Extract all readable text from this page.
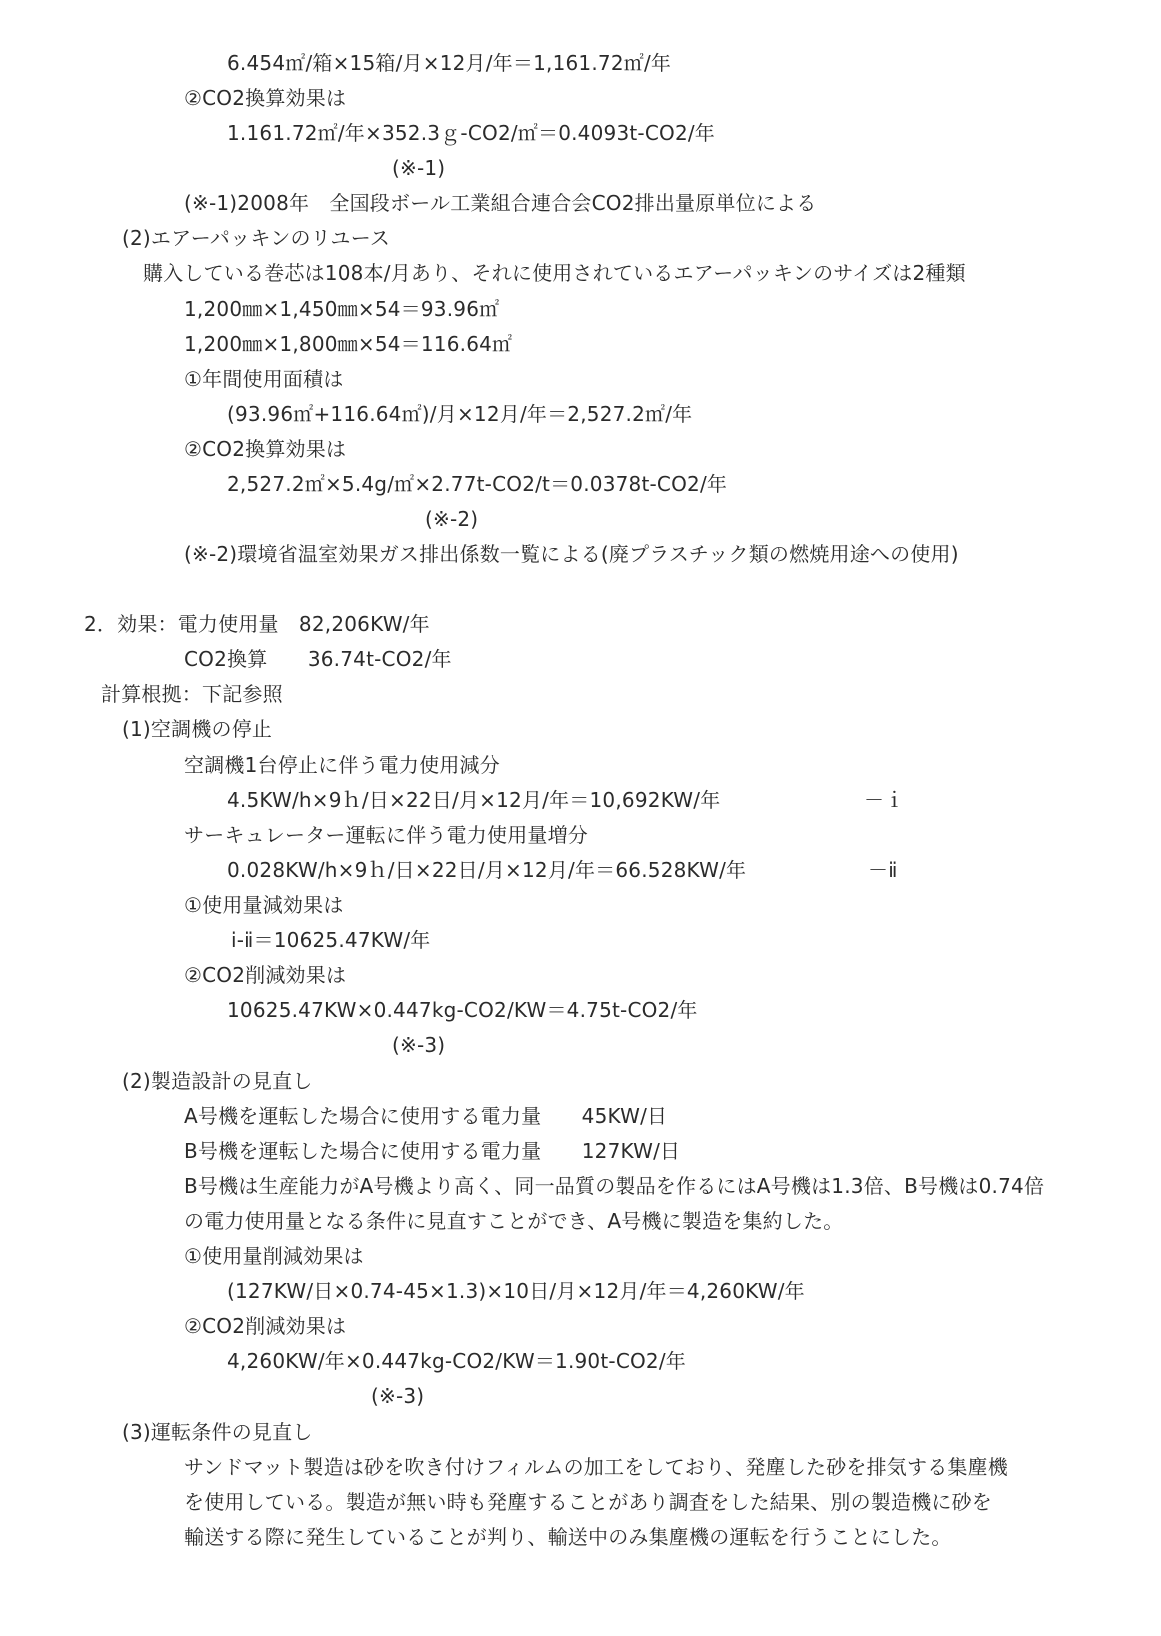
6.454㎡/箱×15箱/月×12月/年＝1,161.72㎡/年
②CO2換算効果は
1.161.72㎡/年×352.3ｇ-CO2/㎡＝0.4093t-CO2/年
(※-1)
(※-1)2008年　全国段ボール工業組合連合会CO2排出量原単位による
(2)エアーパッキンのリユース
購入している巻芯は108本/月あり、それに使用されているエアーパッキンのサイズは2種類
1,200㎜×1,450㎜×54＝93.96㎡
1,200㎜×1,800㎜×54＝116.64㎡
①年間使用面積は
(93.96㎡+116.64㎡)/月×12月/年＝2,527.2㎡/年
②CO2換算効果は
2,527.2㎡×5.4g/㎡×2.77t-CO2/t＝0.0378t-CO2/年
(※-2)
(※-2)環境省温室効果ガス排出係数一覧による(廃プラスチック類の燃焼用途への使用)
2．効果：電力使用量　82,206KW/年
CO2換算　　36.74t-CO2/年
計算根拠：下記参照
(1)空調機の停止
空調機1台停止に伴う電力使用減分
4.5KW/h×9ｈ/日×22日/月×12月/年＝10,692KW/年	－ｉ
サーキュレーター運転に伴う電力使用量増分
0.028KW/h×9ｈ/日×22日/月×12月/年＝66.528KW/年	－ⅱ
①使用量減効果は
ⅰ-ⅱ＝10625.47KW/年
②CO2削減効果は
10625.47KW×0.447kg-CO2/KW＝4.75t-CO2/年
(※-3)
(2)製造設計の見直し
A号機を運転した場合に使用する電力量　　45KW/日
B号機を運転した場合に使用する電力量　　127KW/日
B号機は生産能力がA号機より高く、同一品質の製品を作るにはA号機は1.3倍、B号機は0.74倍
の電力使用量となる条件に見直すことができ、A号機に製造を集約した。
①使用量削減効果は
(127KW/日×0.74-45×1.3)×10日/月×12月/年＝4,260KW/年
②CO2削減効果は
4,260KW/年×0.447kg-CO2/KW＝1.90t-CO2/年
(※-3)
(3)運転条件の見直し
サンドマット製造は砂を吹き付けフィルムの加工をしており、発塵した砂を排気する集塵機
を使用している。製造が無い時も発塵することがあり調査をした結果、別の製造機に砂を
輸送する際に発生していることが判り、輸送中のみ集塵機の運転を行うことにした。
